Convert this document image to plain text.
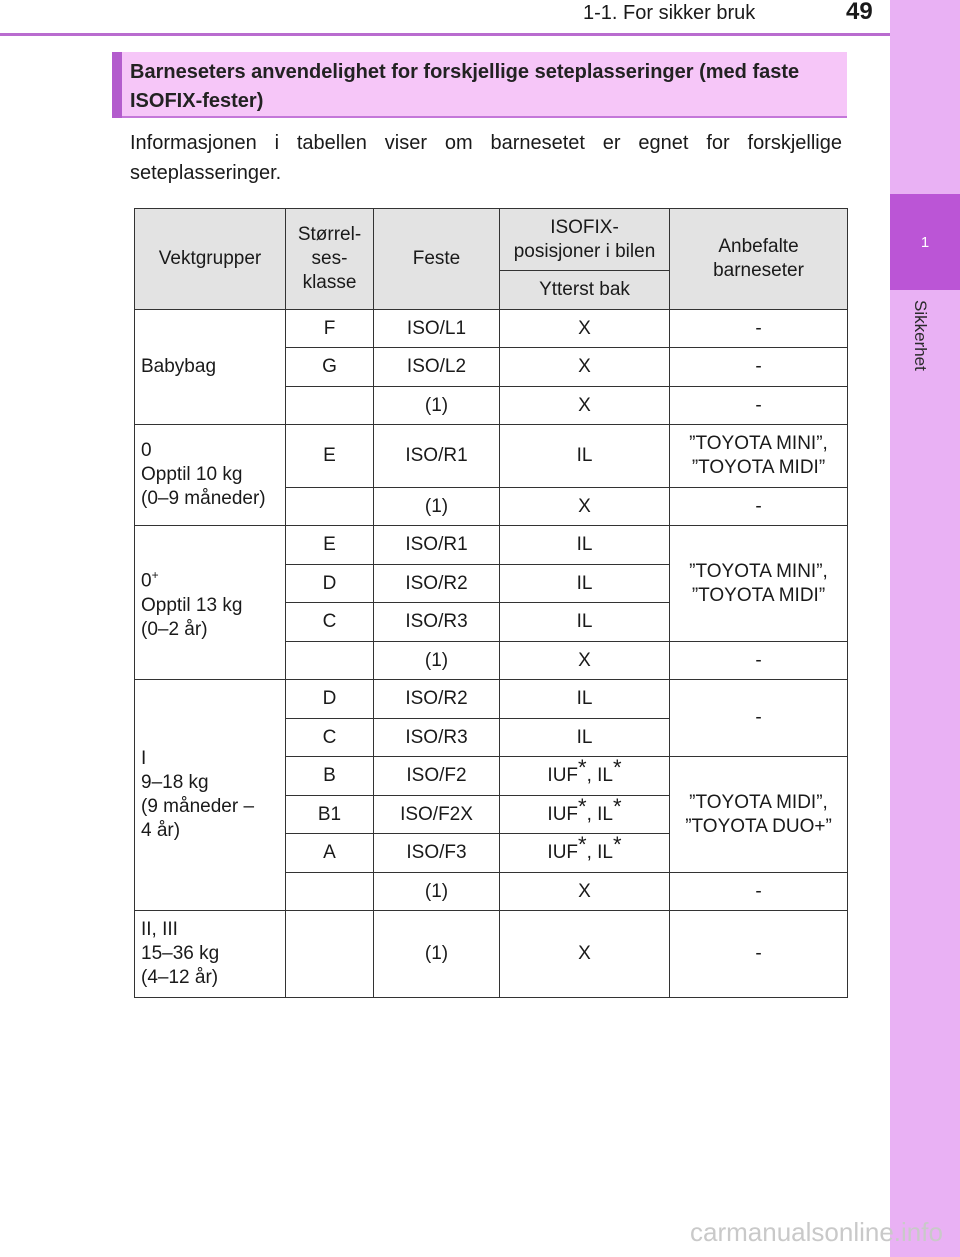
1
Sikkerhet
1-1. For sikker bruk	49
Barneseters anvendelighet for forskjellige seteplasseringer (med faste ISOFIX-fester)
Informasjonen i tabellen viser om barnesetet er egnet for forskjellige seteplasseringer.
Vektgrupper	Størrel-
ses-
klasse	Feste	ISOFIX-
posisjoner i bilen	Anbefalte
barneseter
			Ytterst bak	
Babybag	F	ISO/L1	X	-
	G	ISO/L2	X	-
		(1)	X	-
0
Opptil 10 kg
(0–9 måneder)	E	ISO/R1	IL	”TOYOTA MINI”,
”TOYOTA MIDI”
		(1)	X	-
0+
Opptil 13 kg
(0–2 år)	E	ISO/R1	IL	”TOYOTA MINI”,
”TOYOTA MIDI”
	D	ISO/R2	IL	
	C	ISO/R3	IL	
		(1)	X	-
I
9–18 kg
(9 måneder –
4 år)	D	ISO/R2	IL	-
	C	ISO/R3	IL	
	B	ISO/F2	IUF*, IL*	”TOYOTA MIDI”,
”TOYOTA DUO+”
	B1	ISO/F2X	IUF*, IL*	
	A	ISO/F3	IUF*, IL*	
		(1)	X	-
II, III
15–36 kg
(4–12 år)		(1)	X	-
carmanualsonline.info
